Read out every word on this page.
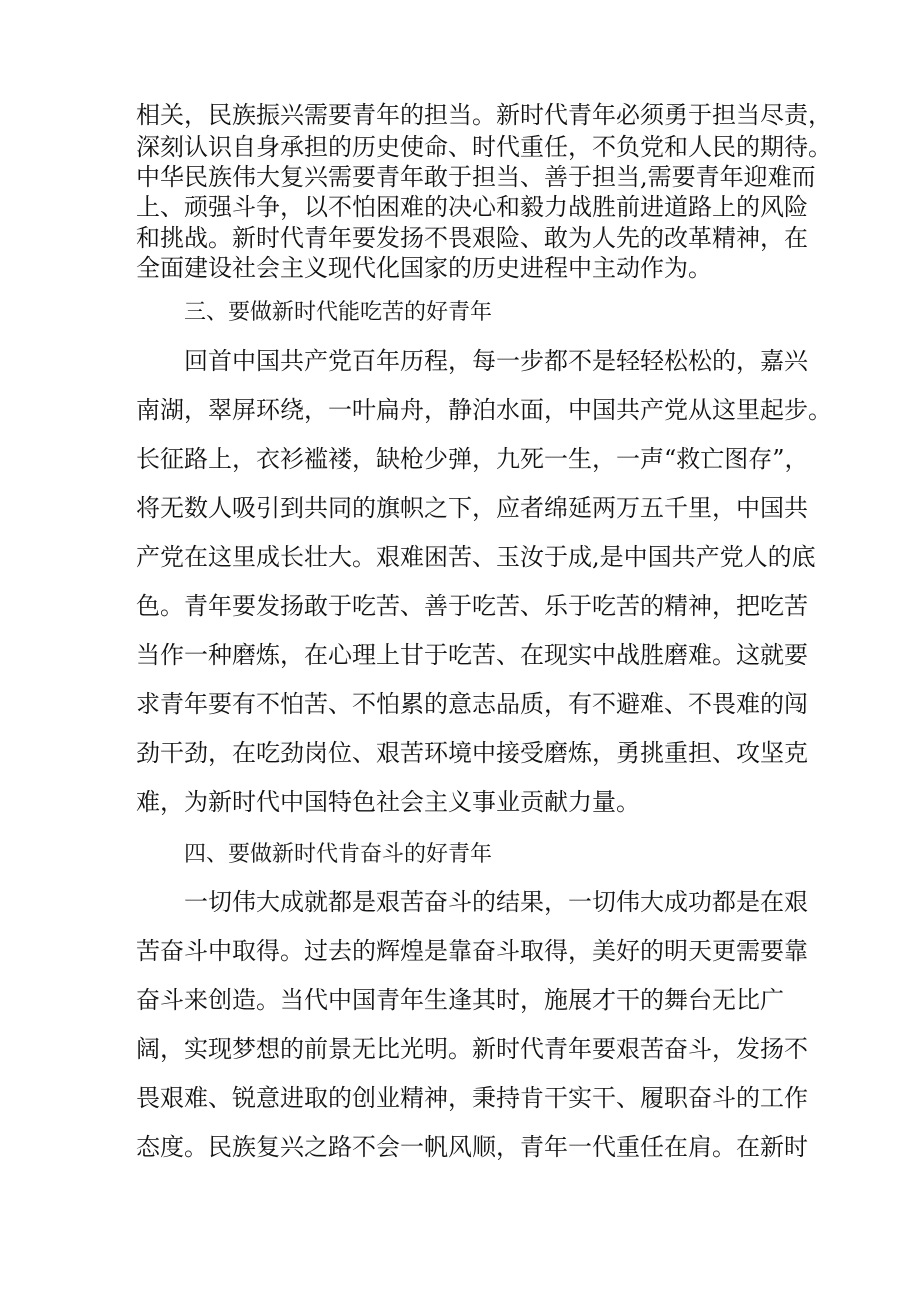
相关，民族振兴需要青年的担当。新时代青年必须勇于担当尽责，
深刻认识自身承担的历史使命、时代重任，不负党和人民的期待。
中华民族伟大复兴需要青年敢于担当、善于担当,需要青年迎难而
上、顽强斗争，以不怕困难的决心和毅力战胜前进道路上的风险
和挑战。新时代青年要发扬不畏艰险、敢为人先的改革精神，在
全面建设社会主义现代化国家的历史进程中主动作为。
三、要做新时代能吃苦的好青年
回首中国共产党百年历程，每一步都不是轻轻松松的，嘉兴
南湖，翠屏环绕，一叶扁舟，静泊水面，中国共产党从这里起步。
长征路上，衣衫褴褛，缺枪少弹，九死一生，一声“救亡图存”，
将无数人吸引到共同的旗帜之下，应者绵延两万五千里，中国共
产党在这里成长壮大。艰难困苦、玉汝于成,是中国共产党人的底
色。青年要发扬敢于吃苦、善于吃苦、乐于吃苦的精神，把吃苦
当作一种磨炼，在心理上甘于吃苦、在现实中战胜磨难。这就要
求青年要有不怕苦、不怕累的意志品质，有不避难、不畏难的闯
劲干劲，在吃劲岗位、艰苦环境中接受磨炼，勇挑重担、攻坚克
难，为新时代中国特色社会主义事业贡献力量。
四、要做新时代肯奋斗的好青年
一切伟大成就都是艰苦奋斗的结果，一切伟大成功都是在艰
苦奋斗中取得。过去的辉煌是靠奋斗取得，美好的明天更需要靠
奋斗来创造。当代中国青年生逢其时，施展才干的舞台无比广
阔，实现梦想的前景无比光明。新时代青年要艰苦奋斗，发扬不
畏艰难、锐意进取的创业精神，秉持肯干实干、履职奋斗的工作
态度。民族复兴之路不会一帆风顺，青年一代重任在肩。在新时
